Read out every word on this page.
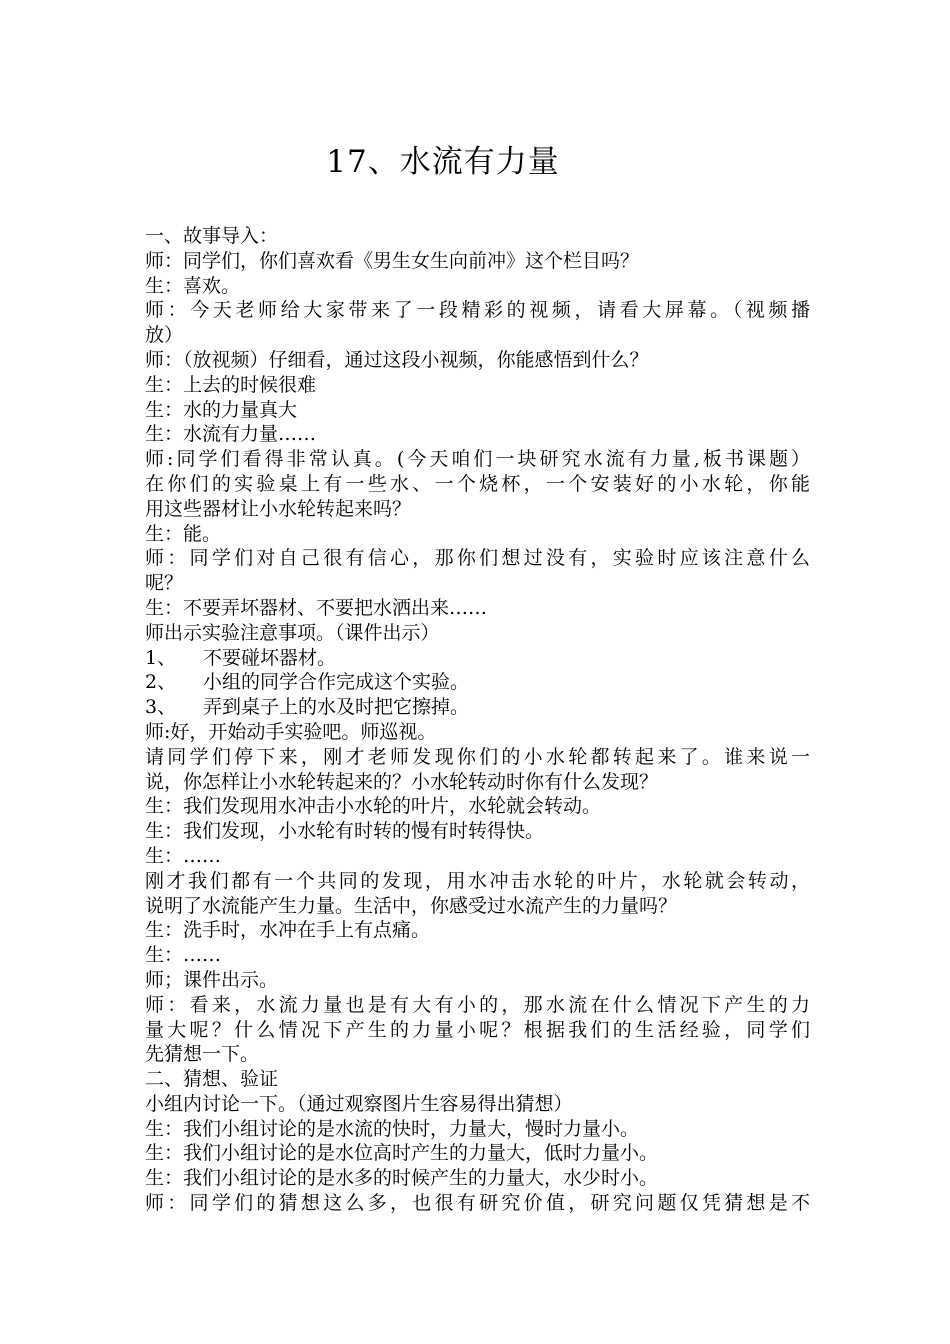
17、水流有力量
一、故事导入：
师：同学们，你们喜欢看《男生女生向前冲》这个栏目吗？
生：喜欢。
师：今天老师给大家带来了一段精彩的视频，请看大屏幕。（视频播
放）
师：（放视频）仔细看，通过这段小视频，你能感悟到什么？
生：上去的时候很难
生：水的力量真大
生：水流有力量……
师:同学们看得非常认真。(今天咱们一块研究水流有力量,板书课题）
在你们的实验桌上有一些水、一个烧杯，一个安装好的小水轮，你能
用这些器材让小水轮转起来吗？
生：能。
师：同学们对自己很有信心，那你们想过没有，实验时应该注意什么
呢？
生：不要弄坏器材、不要把水洒出来……
师出示实验注意事项。（课件出示）
1、 不要碰坏器材。
2、 小组的同学合作完成这个实验。
3、 弄到桌子上的水及时把它擦掉。
师:好，开始动手实验吧。师巡视。
请同学们停下来，刚才老师发现你们的小水轮都转起来了。谁来说一
说，你怎样让小水轮转起来的？小水轮转动时你有什么发现？
生：我们发现用水冲击小水轮的叶片，水轮就会转动。
生：我们发现，小水轮有时转的慢有时转得快。
生：……
刚才我们都有一个共同的发现，用水冲击水轮的叶片，水轮就会转动，
说明了水流能产生力量。生活中，你感受过水流产生的力量吗？
生：洗手时，水冲在手上有点痛。
生：……
师；课件出示。
师：看来，水流力量也是有大有小的，那水流在什么情况下产生的力
量大呢？什么情况下产生的力量小呢？根据我们的生活经验，同学们
先猜想一下。
二、猜想、验证
小组内讨论一下。（通过观察图片生容易得出猜想）
生：我们小组讨论的是水流的快时，力量大，慢时力量小。
生：我们小组讨论的是水位高时产生的力量大，低时力量小。
生：我们小组讨论的是水多的时候产生的力量大，水少时小。
师：同学们的猜想这么多，也很有研究价值，研究问题仅凭猜想是不
